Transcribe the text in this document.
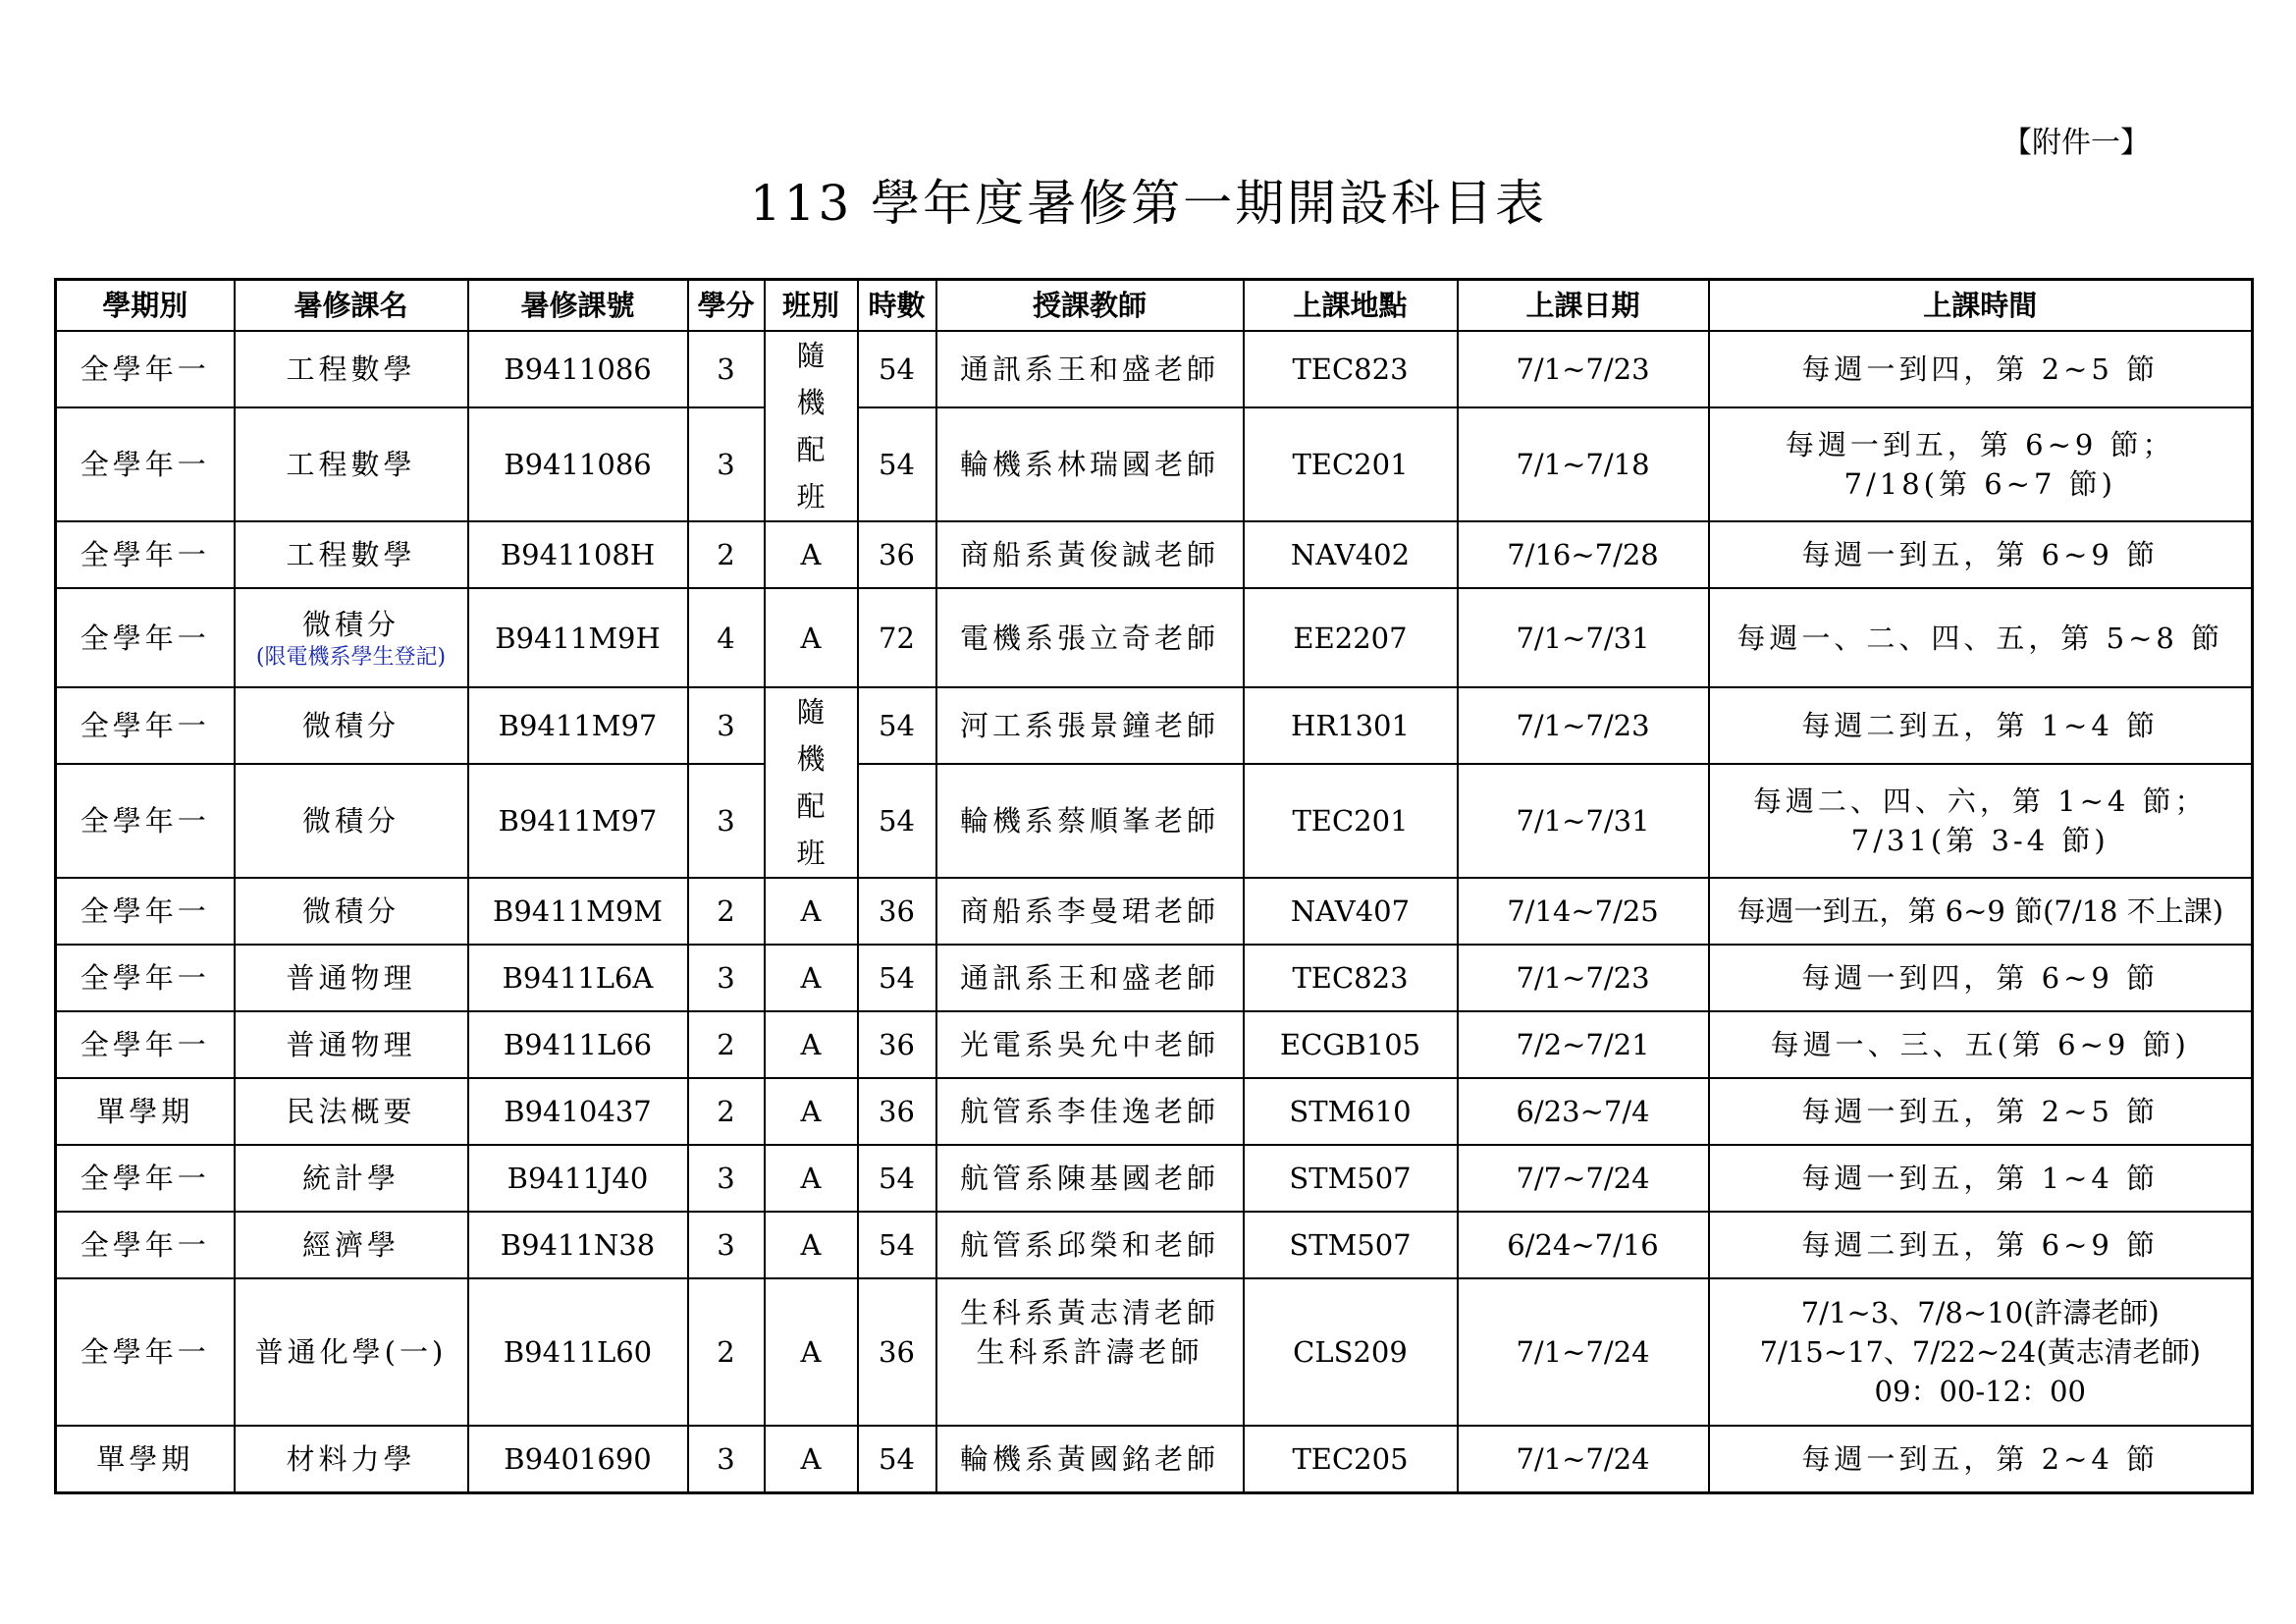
【附件一】
113 學年度暑修第一期開設科目表
學期別	暑修課名	暑修課號	學分	班別	時數	授課教師	上課地點	上課日期	上課時間
全學年一	工程數學	B9411086	3	隨機配班	54	通訊系王和盛老師	TEC823	7/1~7/23	每週一到四，第 2~5 節
全學年一	工程數學	B9411086	3		54	輪機系林瑞國老師	TEC201	7/1~7/18	每週一到五，第 6~9 節；
7/18(第 6~7 節)

全學年一	工程數學	B941108H	2	A	36	商船系黃俊誠老師	NAV402	7/16~7/28	每週一到五，第 6~9 節
全學年一	微積分
(限電機系學生登記)	B9411M9H	4	A	72	電機系張立奇老師	EE2207	7/1~7/31	每週一、二、四、五，第 5~8 節
全學年一	微積分	B9411M97	3	隨機配班	54	河工系張景鐘老師	HR1301	7/1~7/23	每週二到五，第 1~4 節
全學年一	微積分	B9411M97	3		54	輪機系蔡順峯老師	TEC201	7/1~7/31	每週二、四、六，第 1~4 節；
7/31(第 3-4 節)

全學年一	微積分	B9411M9M	2	A	36	商船系李曼珺老師	NAV407	7/14~7/25	每週一到五，第 6~9 節(7/18 不上課)
全學年一	普通物理	B9411L6A	3	A	54	通訊系王和盛老師	TEC823	7/1~7/23	每週一到四，第 6~9 節
全學年一	普通物理	B9411L66	2	A	36	光電系吳允中老師	ECGB105	7/2~7/21	每週一、三、五(第 6~9 節)
單學期	民法概要	B9410437	2	A	36	航管系李佳逸老師	STM610	6/23~7/4	每週一到五，第 2~5 節
全學年一	統計學	B9411J40	3	A	54	航管系陳基國老師	STM507	7/7~7/24	每週一到五，第 1~4 節
全學年一	經濟學	B9411N38	3	A	54	航管系邱榮和老師	STM507	6/24~7/16	每週二到五，第 6~9 節
全學年一	普通化學(一)	B9411L60	2	A	36	生科系黃志清老師
生科系許濤老師	CLS209	7/1~7/24	7/1~3、7/8~10(許濤老師)
7/15~17、7/22~24(黃志清老師)
09：00-12：00

單學期	材料力學	B9401690	3	A	54	輪機系黃國銘老師	TEC205	7/1~7/24	每週一到五，第 2~4 節
